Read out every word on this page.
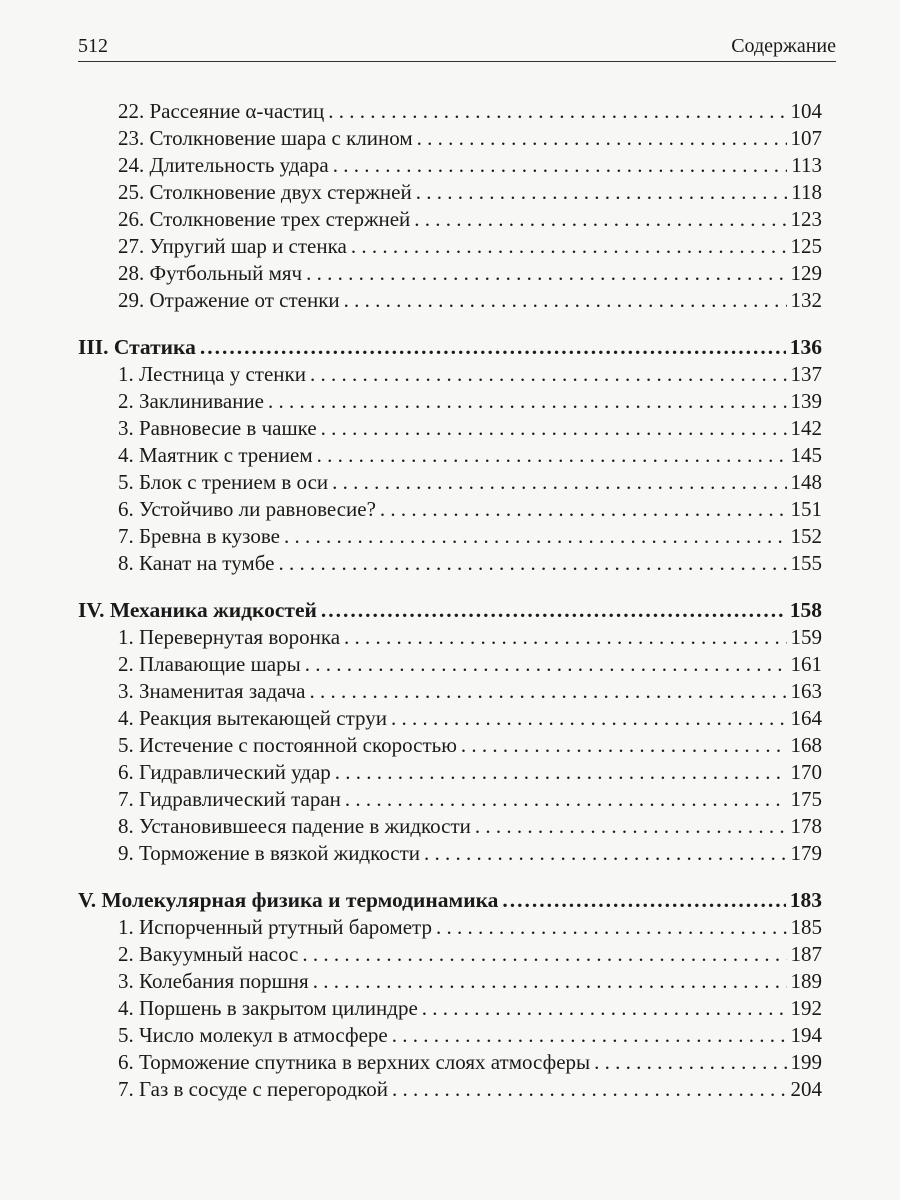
512	Содержание
22. Рассеяние α-частиц . . .	104
23. Столкновение шара с клином . . .	107
24. Длительность удара . . .	113
25. Столкновение двух стержней . . .	118
26. Столкновение трех стержней . . .	123
27. Упругий шар и стенка . . .	125
28. Футбольный мяч . . .	129
29. Отражение от стенки . . .	132
III. Статика .....	136
1. Лестница у стенки . . .	137
2. Заклинивание . . .	139
3. Равновесие в чашке . . .	142
4. Маятник с трением . . .	145
5. Блок с трением в оси . . .	148
6. Устойчиво ли равновесие? . . .	151
7. Бревна в кузове . . .	152
8. Канат на тумбе . . .	155
IV. Механика жидкостей .....	158
1. Перевернутая воронка . . .	159
2. Плавающие шары . . .	161
3. Знаменитая задача . . .	163
4. Реакция вытекающей струи . . .	164
5. Истечение с постоянной скоростью . . .	168
6. Гидравлический удар . . .	170
7. Гидравлический таран . . .	175
8. Установившееся падение в жидкости . . .	178
9. Торможение в вязкой жидкости . . .	179
V. Молекулярная физика и термодинамика .....	183
1. Испорченный ртутный барометр . . .	185
2. Вакуумный насос . . .	187
3. Колебания поршня . . .	189
4. Поршень в закрытом цилиндре . . .	192
5. Число молекул в атмосфере . . .	194
6. Торможение спутника в верхних слоях атмосферы . . .	199
7. Газ в сосуде с перегородкой . . .	204
